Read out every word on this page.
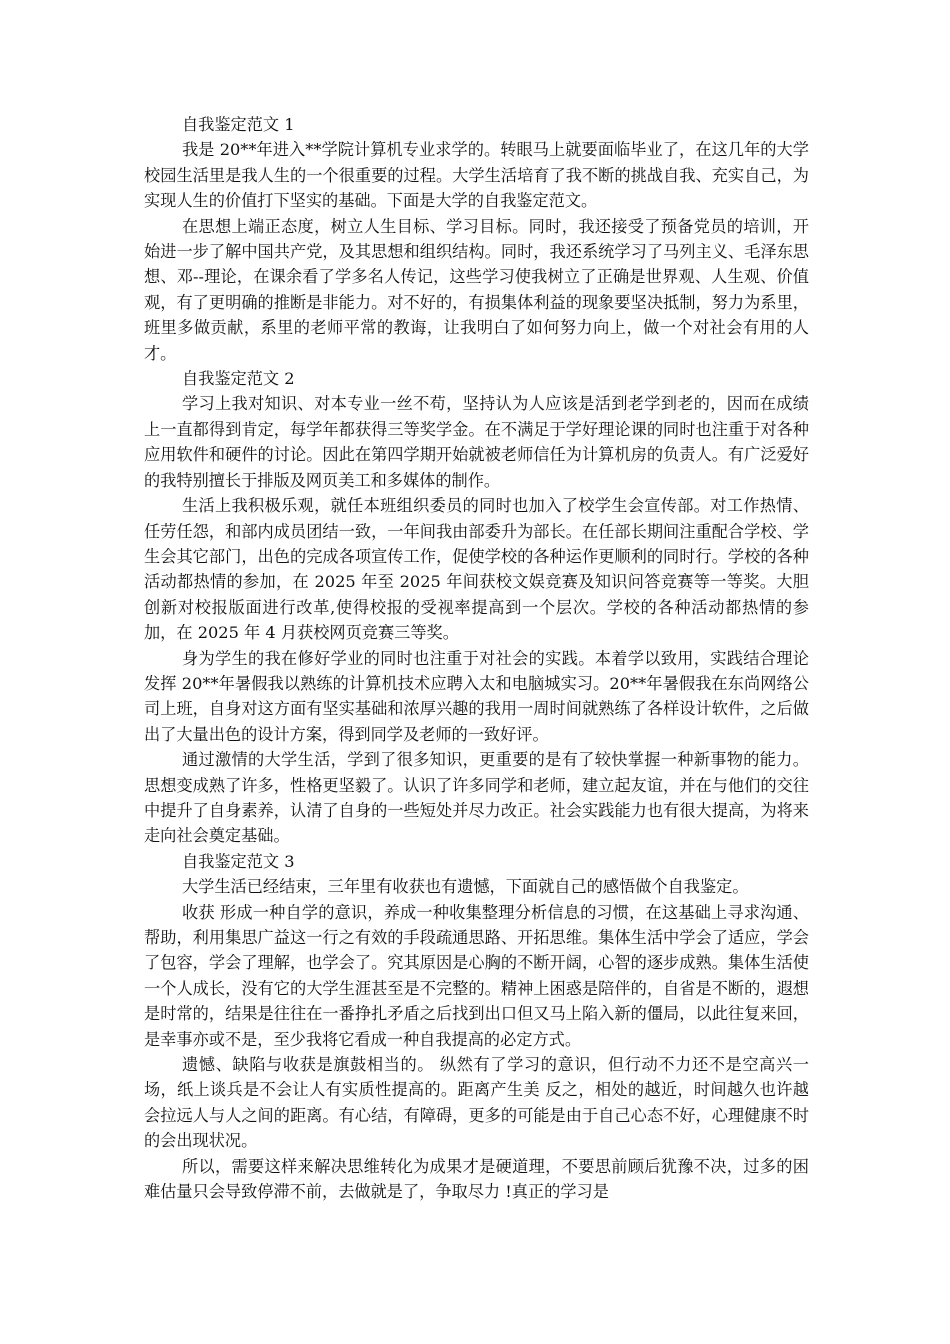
自我鉴定范文 1

我是 20**年进入**学院计算机专业求学的。转眼马上就要面临毕业了，在这几年的大学校园生活里是我人生的一个很重要的过程。大学生活培育了我不断的挑战自我、充实自己，为实现人生的价值打下坚实的基础。下面是大学的自我鉴定范文。

在思想上端正态度，树立人生目标、学习目标。同时，我还接受了预备党员的培训，开始进一步了解中国共产党，及其思想和组织结构。同时，我还系统学习了马列主义、毛泽东思想、邓--理论，在课余看了学多名人传记，这些学习使我树立了正确是世界观、人生观、价值观，有了更明确的推断是非能力。对不好的，有损集体利益的现象要坚决抵制，努力为系里，班里多做贡献，系里的老师平常的教诲，让我明白了如何努力向上，做一个对社会有用的人才。

自我鉴定范文 2

学习上我对知识、对本专业一丝不苟，坚持认为人应该是活到老学到老的，因而在成绩上一直都得到肯定，每学年都获得三等奖学金。在不满足于学好理论课的同时也注重于对各种应用软件和硬件的讨论。因此在第四学期开始就被老师信任为计算机房的负责人。有广泛爱好的我特别擅长于排版及网页美工和多媒体的制作。

生活上我积极乐观，就任本班组织委员的同时也加入了校学生会宣传部。对工作热情、任劳任怨，和部内成员团结一致，一年间我由部委升为部长。在任部长期间注重配合学校、学生会其它部门，出色的完成各项宣传工作，促使学校的各种运作更顺利的同时行。学校的各种活动都热情的参加，在 2025 年至 2025 年间获校文娱竞赛及知识问答竞赛等一等奖。大胆创新对校报版面进行改革,使得校报的受视率提高到一个层次。学校的各种活动都热情的参加，在 2025 年 4 月获校网页竞赛三等奖。

身为学生的我在修好学业的同时也注重于对社会的实践。本着学以致用，实践结合理论发挥 20**年暑假我以熟练的计算机技术应聘入太和电脑城实习。20**年暑假我在东尚网络公司上班，自身对这方面有坚实基础和浓厚兴趣的我用一周时间就熟练了各样设计软件，之后做出了大量出色的设计方案，得到同学及老师的一致好评。

通过激情的大学生活，学到了很多知识，更重要的是有了较快掌握一种新事物的能力。思想变成熟了许多，性格更坚毅了。认识了许多同学和老师，建立起友谊，并在与他们的交往中提升了自身素养，认清了自身的一些短处并尽力改正。社会实践能力也有很大提高，为将来走向社会奠定基础。

自我鉴定范文 3

大学生活已经结束，三年里有收获也有遗憾，下面就自己的感悟做个自我鉴定。

收获 形成一种自学的意识，养成一种收集整理分析信息的习惯，在这基础上寻求沟通、帮助，利用集思广益这一行之有效的手段疏通思路、开拓思维。集体生活中学会了适应，学会了包容，学会了理解，也学会了。究其原因是心胸的不断开阔，心智的逐步成熟。集体生活使一个人成长，没有它的大学生涯甚至是不完整的。精神上困惑是陪伴的，自省是不断的，遐想是时常的，结果是往往在一番挣扎矛盾之后找到出口但又马上陷入新的僵局，以此往复来回，是幸事亦或不是，至少我将它看成一种自我提高的必定方式。

遗憾、缺陷与收获是旗鼓相当的。 纵然有了学习的意识，但行动不力还不是空高兴一场，纸上谈兵是不会让人有实质性提高的。距离产生美 反之，相处的越近，时间越久也许越会拉远人与人之间的距离。有心结，有障碍，更多的可能是由于自己心态不好，心理健康不时的会出现状况。

所以，需要这样来解决思维转化为成果才是硬道理，不要思前顾后犹豫不决，过多的困难估量只会导致停滞不前，去做就是了，争取尽力 !真正的学习是
